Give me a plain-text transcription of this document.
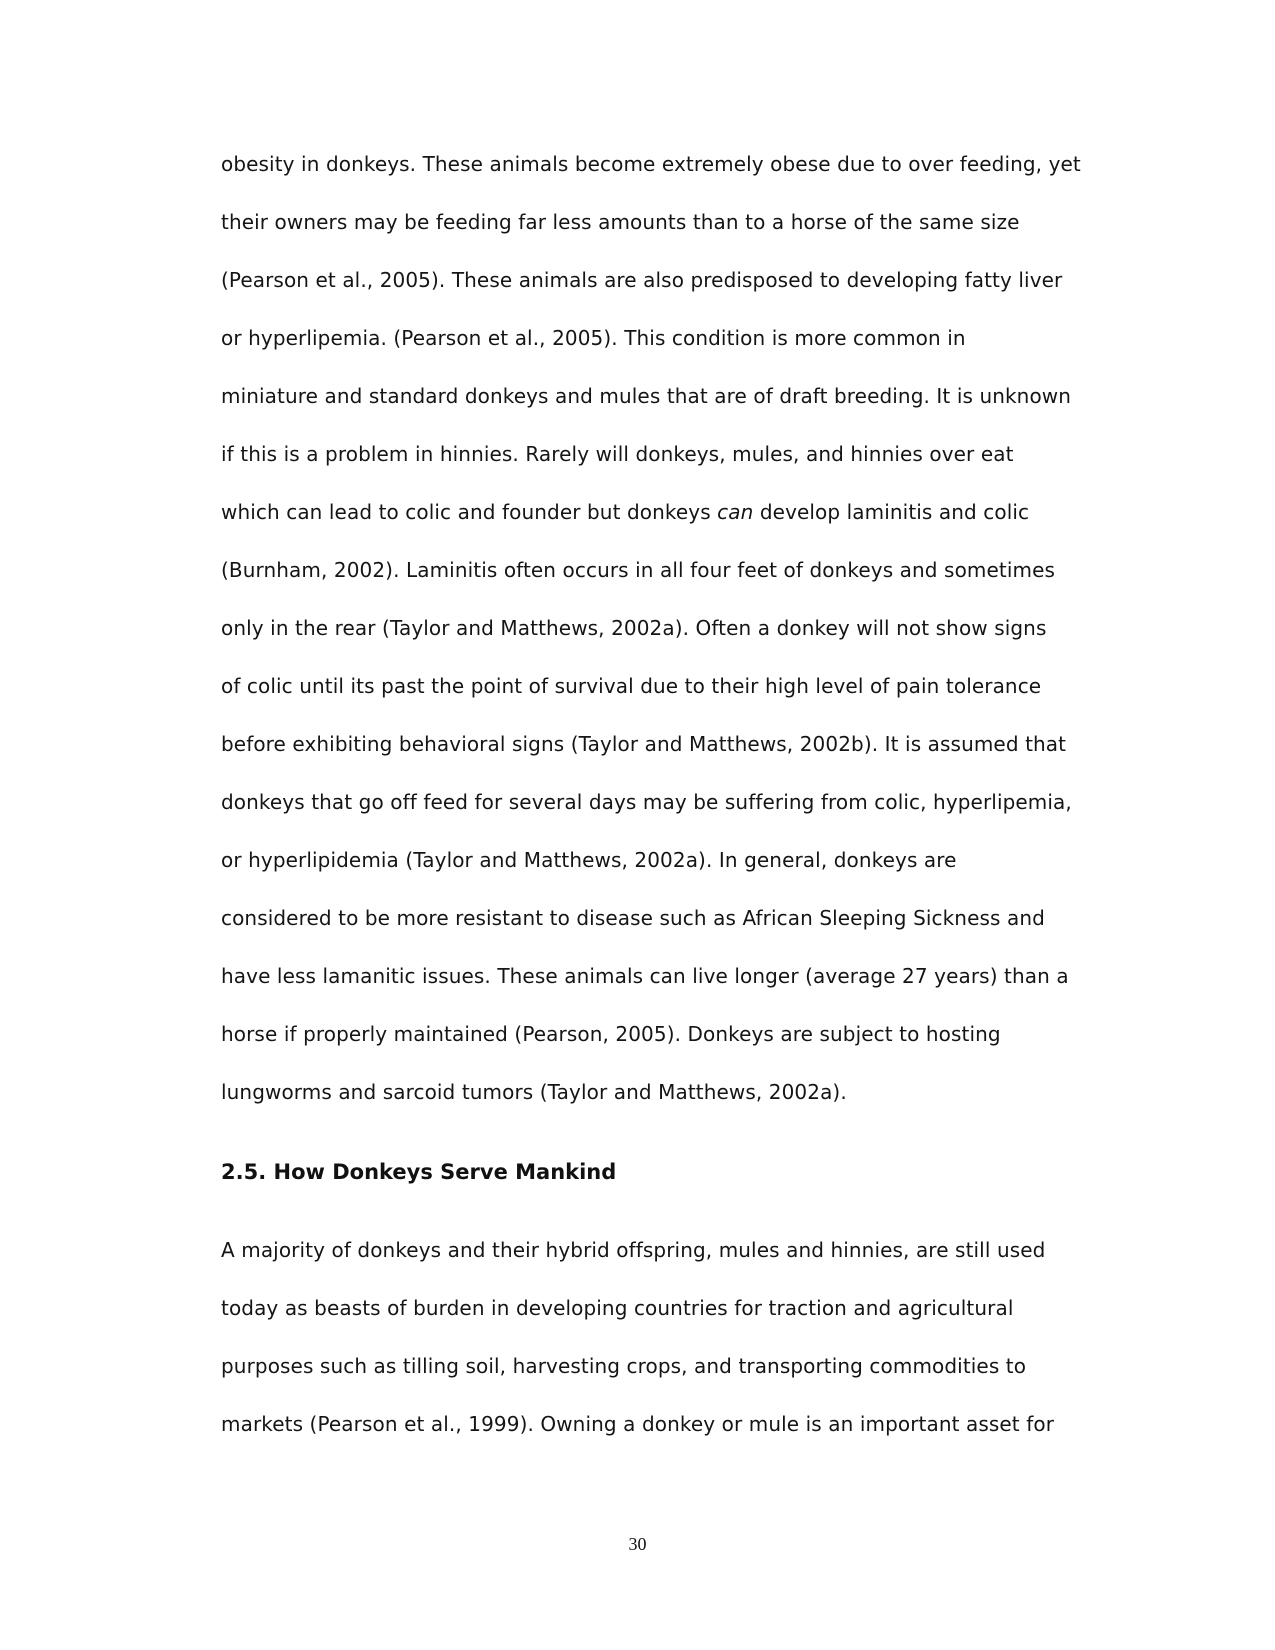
obesity in donkeys. These animals become extremely obese due to over feeding, yet
their owners may be feeding far less amounts than to a horse of the same size
(Pearson et al., 2005). These animals are also predisposed to developing fatty liver
or hyperlipemia. (Pearson et al., 2005). This condition is more common in
miniature and standard donkeys and mules that are of draft breeding. It is unknown
if this is a problem in hinnies. Rarely will donkeys, mules, and hinnies over eat
which can lead to colic and founder but donkeys can develop laminitis and colic
(Burnham, 2002). Laminitis often occurs in all four feet of donkeys and sometimes
only in the rear (Taylor and Matthews, 2002a). Often a donkey will not show signs
of colic until its past the point of survival due to their high level of pain tolerance
before exhibiting behavioral signs (Taylor and Matthews, 2002b). It is assumed that
donkeys that go off feed for several days may be suffering from colic, hyperlipemia,
or hyperlipidemia (Taylor and Matthews, 2002a). In general, donkeys are
considered to be more resistant to disease such as African Sleeping Sickness and
have less lamanitic issues. These animals can live longer (average 27 years) than a
horse if properly maintained (Pearson, 2005). Donkeys are subject to hosting
lungworms and sarcoid tumors (Taylor and Matthews, 2002a).
2.5. How Donkeys Serve Mankind
A majority of donkeys and their hybrid offspring, mules and hinnies, are still used
today as beasts of burden in developing countries for traction and agricultural
purposes such as tilling soil, harvesting crops, and transporting commodities to
markets (Pearson et al., 1999). Owning a donkey or mule is an important asset for
30
